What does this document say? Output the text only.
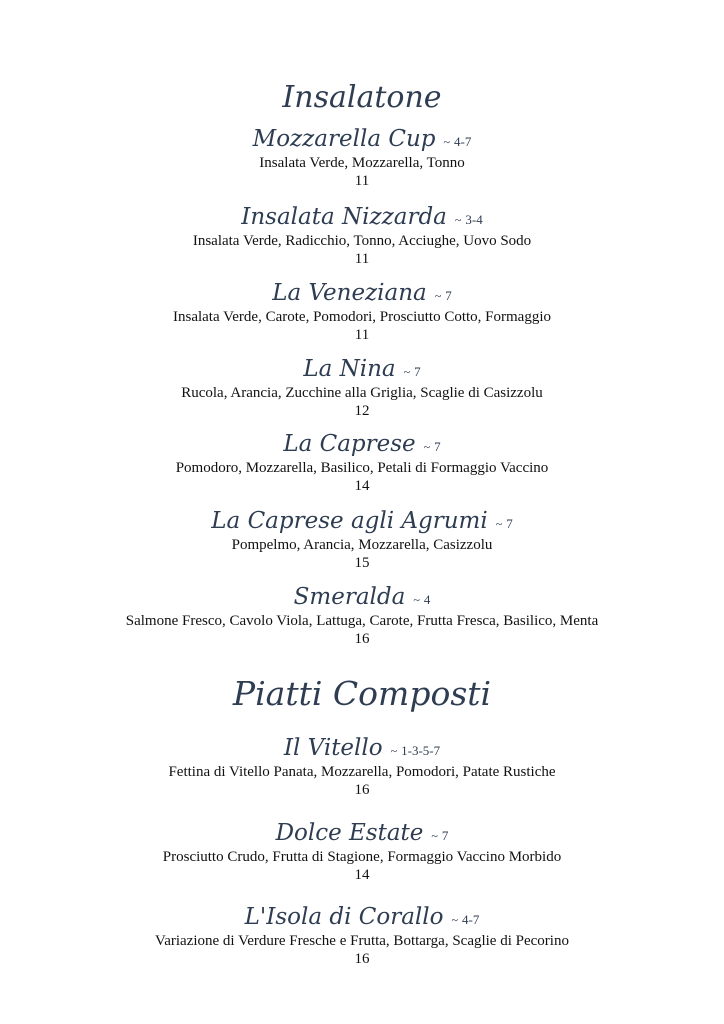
Insalatone
Mozzarella Cup ~ 4-7
Insalata Verde, Mozzarella, Tonno
11
Insalata Nizzarda ~ 3-4
Insalata Verde, Radicchio, Tonno, Acciughe, Uovo Sodo
11
La Veneziana ~ 7
Insalata Verde, Carote, Pomodori, Prosciutto Cotto, Formaggio
11
La Nina ~ 7
Rucola, Arancia, Zucchine alla Griglia, Scaglie di Casizzolu
12
La Caprese ~ 7
Pomodoro, Mozzarella, Basilico, Petali di Formaggio Vaccino
14
La Caprese agli Agrumi ~ 7
Pompelmo, Arancia, Mozzarella, Casizzolu
15
Smeralda ~ 4
Salmone Fresco, Cavolo Viola, Lattuga, Carote, Frutta Fresca, Basilico, Menta
16
Piatti Composti
Il Vitello ~ 1-3-5-7
Fettina di Vitello Panata, Mozzarella, Pomodori, Patate Rustiche
16
Dolce Estate ~ 7
Prosciutto Crudo, Frutta di Stagione, Formaggio Vaccino Morbido
14
L'Isola di Corallo ~ 4-7
Variazione di Verdure Fresche e Frutta, Bottarga, Scaglie di Pecorino
16
